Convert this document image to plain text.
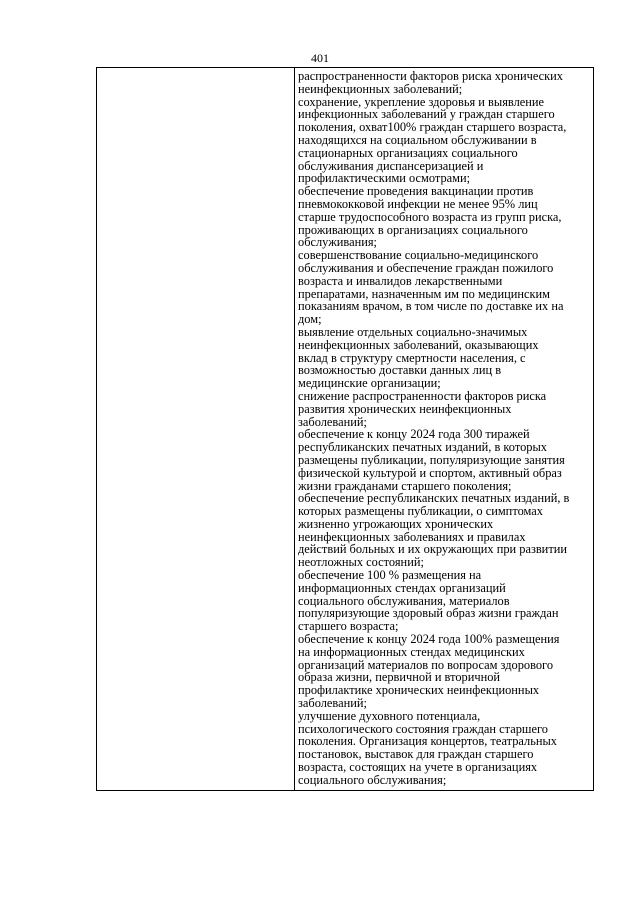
401

распространенности факторов риска хронических
неинфекционных заболеваний;

сохранение, укрепление здоровья и выявление
инфекционных заболеваний у граждан старшего
поколения, охват100% граждан старшего возраста,
находящихся на социальном обслуживании в
стационарных организациях социального
обслуживания диспансеризацией и
профилактическими осмотрами;

обеспечение проведения вакцинации против
пневмококковой инфекции не менее 95% лиц
старше трудоспособного возраста из групп риска,
проживающих в организациях социального
обслуживания;

совершенствование социально-медицинского
обслуживания и обеспечение граждан пожилого
возраста и инвалидов лекарственными
препаратами, назначенным им по медицинским
показаниям врачом, в том числе по доставке их на
дом;

выявление отдельных социально-значимых
неинфекционных заболеваний, оказывающих
вклад в структуру смертности населения, с
возможностью доставки данных лиц в
медицинские организации;

снижение распространенности факторов риска
развития хронических неинфекционных
заболеваний;

обеспечение к концу 2024 года 300 тиражей
республиканских печатных изданий, в которых
размещены публикации, популяризующие занятия
физической культурой и спортом, активный образ
жизни гражданами старшего поколения;

обеспечение республиканских печатных изданий, в
которых размещены публикации, о симптомах
жизненно угрожающих хронических
неинфекционных заболеваниях и правилах
действий больных и их окружающих при развитии
неотложных состояний;

обеспечение 100 % размещения на
информационных стендах организаций
социального обслуживания, материалов
популяризующие здоровый образ жизни граждан
старшего возраста;

обеспечение к концу 2024 года 100% размещения
на информационных стендах медицинских
организаций материалов по вопросам здорового
образа жизни, первичной и вторичной
профилактике хронических неинфекционных
заболеваний;

улучшение духовного потенциала,
психологического состояния граждан старшего
поколения. Организация концертов, театральных
постановок, выставок для граждан старшего
возраста, состоящих на учете в организациях
социального обслуживания;
